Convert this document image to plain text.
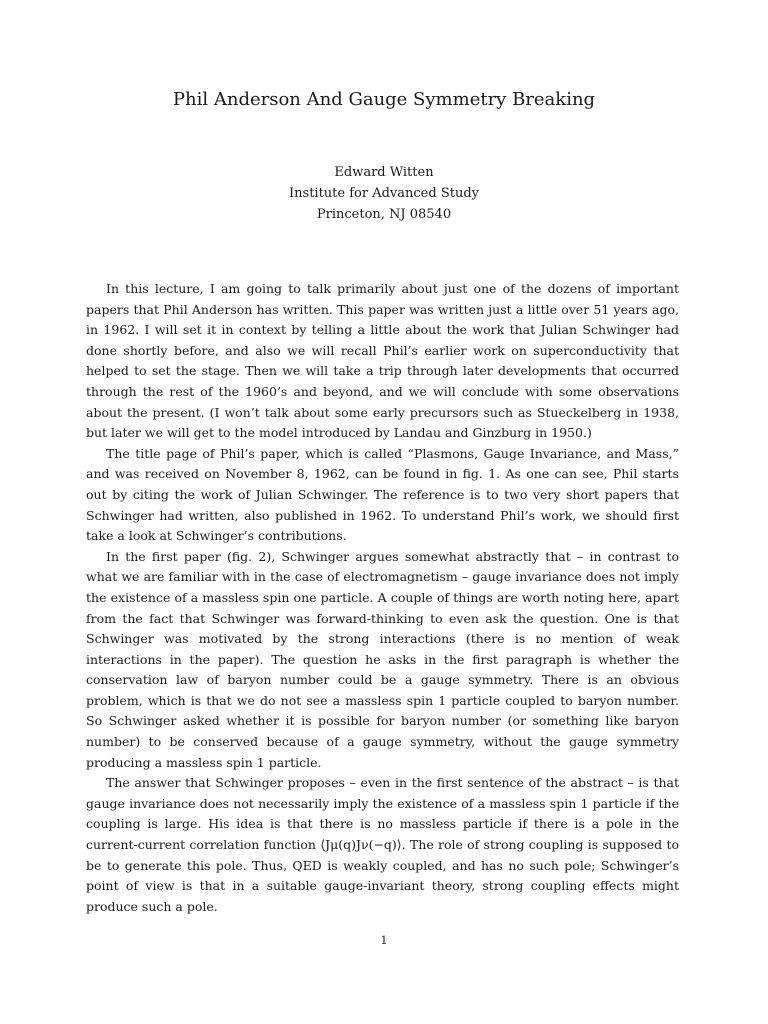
Phil Anderson And Gauge Symmetry Breaking
Edward Witten
Institute for Advanced Study
Princeton, NJ 08540

In this lecture, I am going to talk primarily about just one of the dozens of important papers that Phil Anderson has written. This paper was written just a little over 51 years ago, in 1962. I will set it in context by telling a little about the work that Julian Schwinger had done shortly before, and also we will recall Phil’s earlier work on superconductivity that helped to set the stage. Then we will take a trip through later developments that occurred through the rest of the 1960’s and beyond, and we will conclude with some observations about the present. (I won’t talk about some early precursors such as Stueckelberg in 1938, but later we will get to the model introduced by Landau and Ginzburg in 1950.)

The title page of Phil’s paper, which is called “Plasmons, Gauge Invariance, and Mass,” and was received on November 8, 1962, can be found in fig. 1. As one can see, Phil starts out by citing the work of Julian Schwinger. The reference is to two very short papers that Schwinger had written, also published in 1962. To understand Phil’s work, we should first take a look at Schwinger’s contributions.

In the first paper (fig. 2), Schwinger argues somewhat abstractly that – in contrast to what we are familiar with in the case of electromagnetism – gauge invariance does not imply the existence of a massless spin one particle. A couple of things are worth noting here, apart from the fact that Schwinger was forward-thinking to even ask the question. One is that Schwinger was motivated by the strong interactions (there is no mention of weak interactions in the paper). The question he asks in the first paragraph is whether the conservation law of baryon number could be a gauge symmetry. There is an obvious problem, which is that we do not see a massless spin 1 particle coupled to baryon number. So Schwinger asked whether it is possible for baryon number (or something like baryon number) to be conserved because of a gauge symmetry, without the gauge symmetry producing a massless spin 1 particle.

The answer that Schwinger proposes – even in the first sentence of the abstract – is that gauge invariance does not necessarily imply the existence of a massless spin 1 particle if the coupling is large. His idea is that there is no massless particle if there is a pole in the current-current correlation function ⟨Jμ(q)Jν(−q)⟩. The role of strong coupling is supposed to be to generate this pole. Thus, QED is weakly coupled, and has no such pole; Schwinger’s point of view is that in a suitable gauge-invariant theory, strong coupling effects might produce such a pole.

1
